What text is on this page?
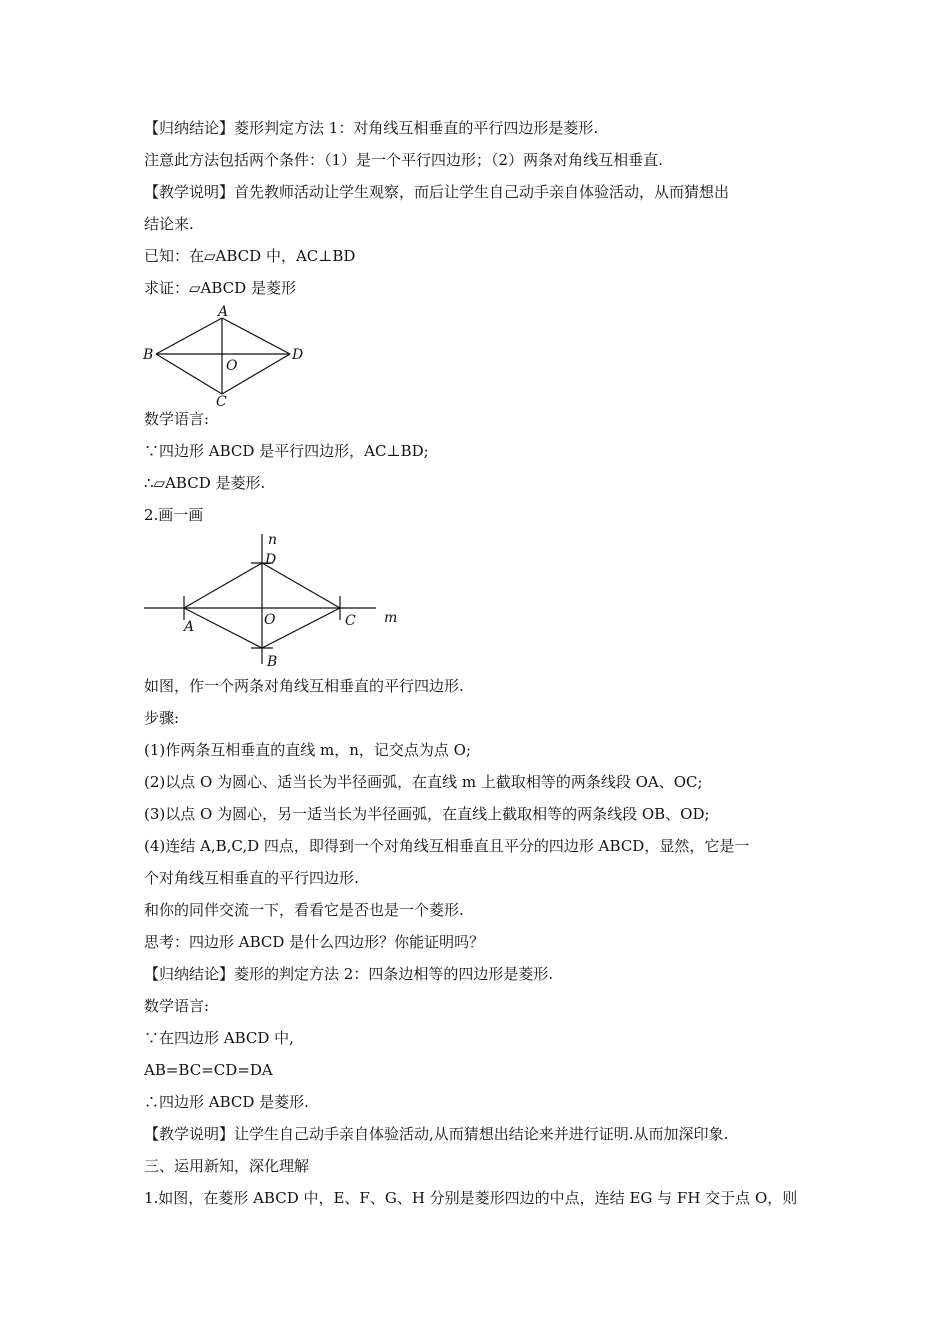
【归纳结论】菱形判定方法 1：对角线互相垂直的平行四边形是菱形.
注意此方法包括两个条件：（1）是一个平行四边形；（2）两条对角线互相垂直.
【教学说明】首先教师活动让学生观察，而后让学生自己动手亲自体验活动，从而猜想出
结论来.
已知：在▱ABCD 中，AC⊥BD
求证：▱ABCD 是菱形
A
B
O
D
C
数学语言:
∵四边形 ABCD 是平行四边形，AC⊥BD;
∴▱ABCD 是菱形.
2.画一画
n
D
A	O	C m
B
如图，作一个两条对角线互相垂直的平行四边形.
步骤:
(1)作两条互相垂直的直线 m，n，记交点为点 O;
(2)以点 O 为圆心、适当长为半径画弧，在直线 m 上截取相等的两条线段 OA、OC;
(3)以点 O 为圆心，另一适当长为半径画弧，在直线上截取相等的两条线段 OB、OD;
(4)连结 A,B,C,D 四点，即得到一个对角线互相垂直且平分的四边形 ABCD，显然，它是一
个对角线互相垂直的平行四边形.
和你的同伴交流一下，看看它是否也是一个菱形.
思考：四边形 ABCD 是什么四边形？你能证明吗？
【归纳结论】菱形的判定方法 2：四条边相等的四边形是菱形.
数学语言:
∵在四边形 ABCD 中,
AB=BC=CD=DA
∴四边形 ABCD 是菱形.
【教学说明】让学生自己动手亲自体验活动,从而猜想出结论来并进行证明.从而加深印象.
三、运用新知，深化理解
1.如图，在菱形 ABCD 中，E、F、G、H 分别是菱形四边的中点，连结 EG 与 FH 交于点 O，则
